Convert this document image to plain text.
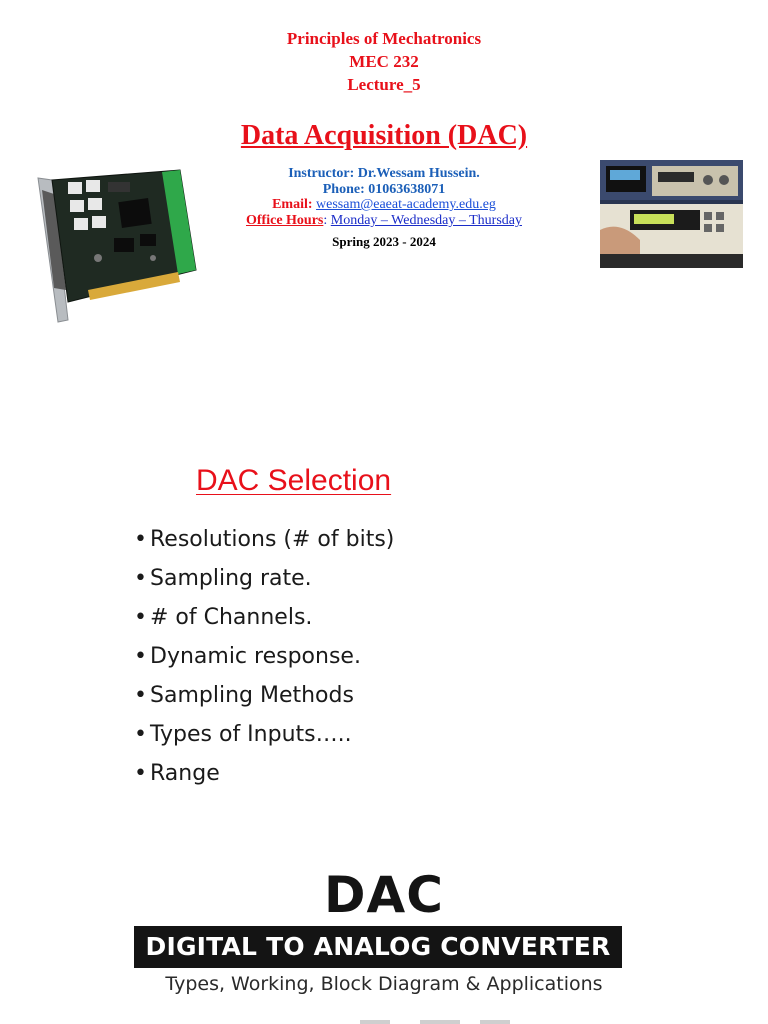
Principles of Mechatronics
MEC 232
Lecture_5
Data Acquisition (DAC)
Instructor: Dr.Wessam Hussein.
Phone: 01063638071
Email: wessam@eaeat-academy.edu.eg
Office Hours: Monday – Wednesday – Thursday
Spring 2023 - 2024
DAC Selection
• Resolutions (# of bits)
• Sampling rate.
• # of Channels.
• Dynamic response.
• Sampling Methods
• Types of Inputs…..
• Range
DAC
DIGITAL TO ANALOG CONVERTER
Types, Working, Block Diagram & Applications
